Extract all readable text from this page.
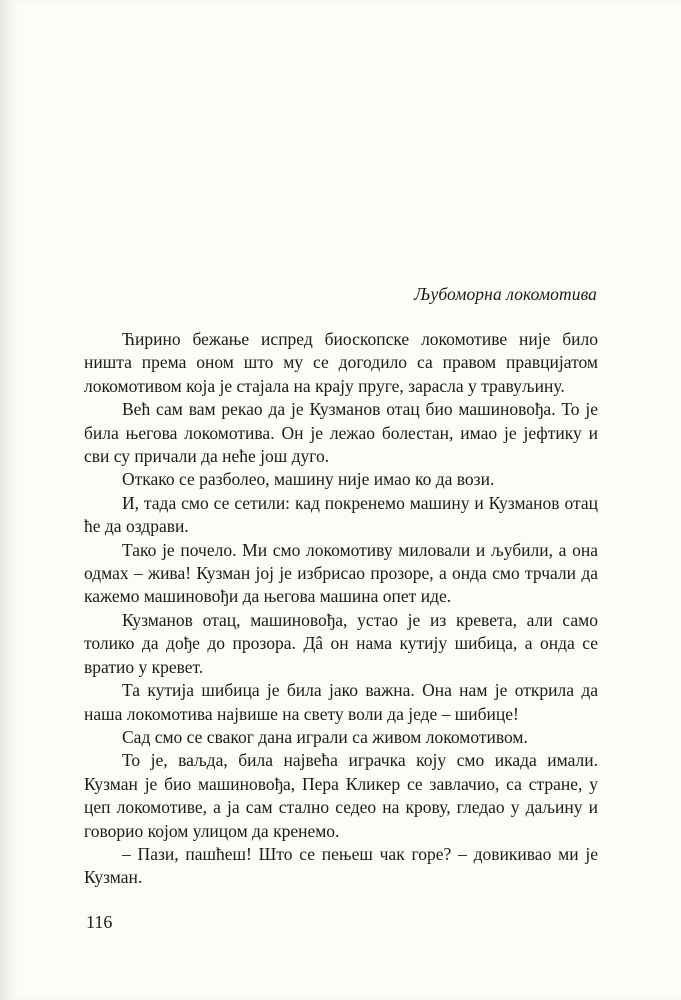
Љубоморна локомотива

Ћирино бежање испред биоскопске локомотиве није било ништа према оном што му се догодило са правом правцијатом локомотивом која је стајала на крају пруге, зарасла у травуљину.

Већ сам вам рекао да је Кузманов отац био машиновођа. То је била његова локомотива. Он је лежао болестан, имао је јефтику и сви су причали да неће још дуго.

Откако се разболео, машину није имао ко да вози.

И, тада смо се сетили: кад покренемо машину и Кузманов отац ће да оздрави.

Тако је почело. Ми смо локомотиву миловали и љубили, а она одмах – жива! Кузман јој је избрисао прозоре, а онда смо трчали да кажемо машиновођи да његова машина опет иде.

Кузманов отац, машиновођа, устао је из кревета, али само толико да дође до прозора. Дâ он нама кутију шибица, а онда се вратио у кревет.

Та кутија шибица је била јако важна. Она нам је открила да наша локомотива највише на свету воли да једе – шибице!

Сад смо се сваког дана играли са живом локомотивом.

То је, ваљда, била највећа играчка коју смо икада имали. Кузман је био машиновођа, Пера Кликер се завлачио, са стране, у цеп локомотиве, а ја сам стално седео на крову, гледао у даљину и говорио којом улицом да кренемо.

– Пази, пашћеш! Што се пењеш чак горе? – довикивао ми је Кузман.

116
